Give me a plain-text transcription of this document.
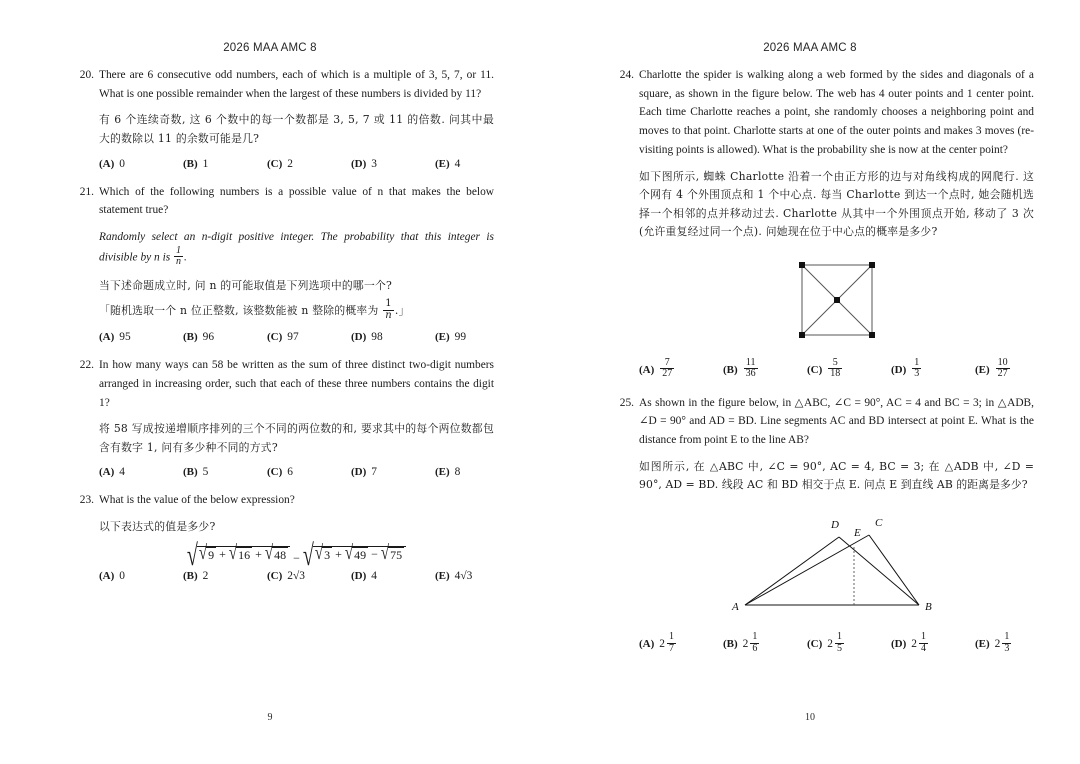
2026 MAA AMC 8
20. There are 6 consecutive odd numbers, each of which is a multiple of 3, 5, 7, or 11. What is one possible remainder when the largest of these numbers is divided by 11?
有 6 个连续奇数, 这 6 个数中的每一个数都是 3, 5, 7 或 11 的倍数. 问其中最大的数除以 11 的余数可能是几?
(A) 0	(B) 1	(C) 2	(D) 3	(E) 4
21. Which of the following numbers is a possible value of n that makes the below statement true?
Randomly select an n-digit positive integer. The probability that this integer is divisible by n is $\frac{1}{n}$ .
当下述命题成立时, 问 n 的可能取值是下列选项中的哪一个?
「随机选取一个 n 位正整数, 该整数能被 n 整除的概率为 $\frac{1}{n}$ .」
(A) 95	(B) 96	(C) 97	(D) 98	(E) 99
22. In how many ways can 58 be written as the sum of three distinct two-digit numbers arranged in increasing order, such that each of these three numbers contains the digit 1?
将 58 写成按递增顺序排列的三个不同的两位数的和, 要求其中的每个两位数都包含有数字 1, 问有多少种不同的方式?
(A) 4	(B) 5	(C) 6	(D) 7	(E) 8
23. What is the value of the below expression?
以下表达式的值是多少?
√ √ 9 + √ 16 + √ 48 − √ √ 3 + √ 49 − √ 75
(A) 0	(B) 2	(C) 2√3	(D) 4	(E) 4√3
9
2026 MAA AMC 8
24. Charlotte the spider is walking along a web formed by the sides and diagonals of a square, as shown in the figure below. The web has 4 outer points and 1 center point. Each time Charlotte reaches a point, she randomly chooses a neighboring point and moves to that point. Charlotte starts at one of the outer points and makes 3 moves (re-visiting points is allowed). What is the probability she is now at the center point?
如下图所示, 蜘蛛 Charlotte 沿着一个由正方形的边与对角线构成的网爬行. 这个网有 4 个外围顶点和 1 个中心点. 每当 Charlotte 到达一个点时, 她会随机选择一个相邻的点并移动过去. Charlotte 从其中一个外围顶点开始, 移动了 3 次 (允许重复经过同一个点). 问她现在位于中心点的概率是多少?
$(A) \frac{7}{27}$	$(B) \frac{11}{36}$	$(C) \frac{5}{18}$	$(D) \frac{1}{3}$	$(E) \frac{10}{27}$
25. As shown in the figure below, in △ABC, ∠C = 90°, AC = 4 and BC = 3; in △ADB, ∠D = 90° and AD = BD. Line segments AC and BD intersect at point E. What is the distance from point E to the line AB?
如图所示, 在 △ABC 中, ∠C = 90°, AC = 4, BC = 3; 在 △ADB 中, ∠D = 90°, AD = BD. 线段 AC 和 BD 相交于点 E. 问点 E 到直线 AB 的距离是多少?
A	B
C
D
E
(A) $2 \frac{1}{7}$	(B) $2 \frac{1}{6}$	(C) $2 \frac{1}{5}$	(D) $2 \frac{1}{4}$	(E) $2 \frac{1}{3}$
10
